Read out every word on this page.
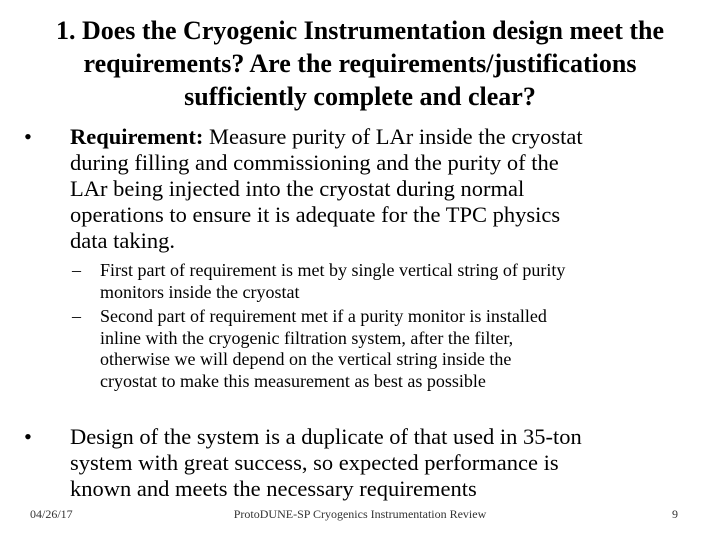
1. Does the Cryogenic Instrumentation design meet the
requirements? Are the requirements/justifications
sufficiently complete and clear?
•	Requirement: Measure purity of LAr inside the cryostat
during filling and commissioning and the purity of the
LAr being injected into the cryostat during normal
operations to ensure it is adequate for the TPC physics
data taking.
– First part of requirement is met by single vertical string of purity
monitors inside the cryostat
– Second part of requirement met if a purity monitor is installed
inline with the cryogenic filtration system, after the filter,
otherwise we will depend on the vertical string inside the
cryostat to make this measurement as best as possible
•	Design of the system is a duplicate of that used in 35-ton
system with great success, so expected performance is
known and meets the necessary requirements
04/26/17	ProtoDUNE-SP Cryogenics Instrumentation Review	9
